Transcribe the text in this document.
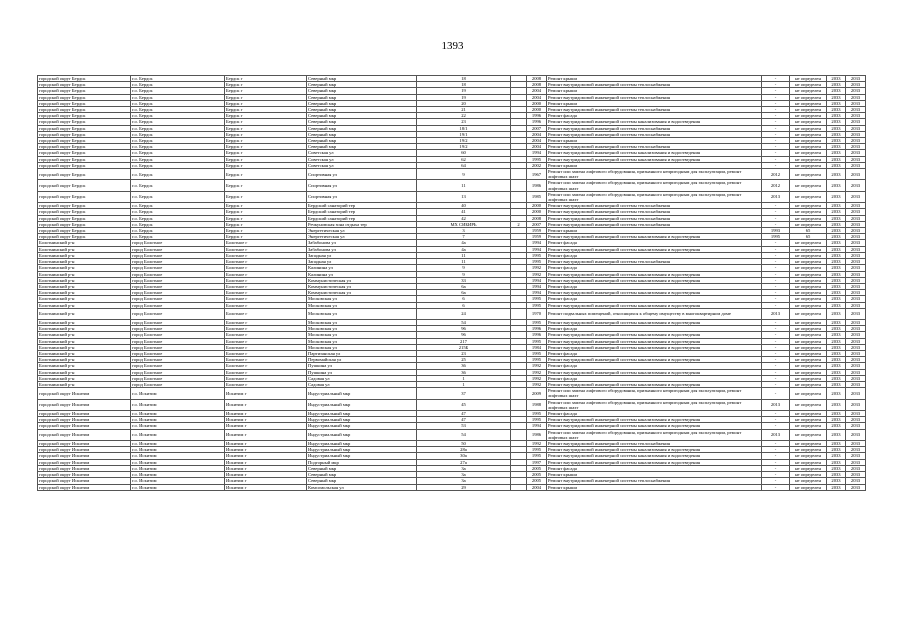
1393
городской округ Бердск	г.о. Бердск	Бердск г	Северный мкр	18		2008	Ремонт крыши	-	не определен	2033	2033
городской округ Бердск	г.о. Бердск	Бердск г	Северный мкр	18		2008	Ремонт внутридомовой инженерной системы теплоснабжения	-	не определен	2033	2033
городской округ Бердск	г.о. Бердск	Бердск г	Северный мкр	19		2004	Ремонт крыши	-	не определен	2033	2033
городской округ Бердск	г.о. Бердск	Бердск г	Северный мкр	19		2004	Ремонт внутридомовой инженерной системы теплоснабжения	-	не определен	2033	2033
городской округ Бердск	г.о. Бердск	Бердск г	Северный мкр	20		2000	Ремонт крыши	-	не определен	2033	2033
городской округ Бердск	г.о. Бердск	Бердск г	Северный мкр	21		2000	Ремонт внутридомовой инженерной системы теплоснабжения	-	не определен	2033	2033
городской округ Бердск	г.о. Бердск	Бердск г	Северный мкр	22		1996	Ремонт фасада	-	не определен	2033	2033
городской округ Бердск	г.о. Бердск	Бердск г	Северный мкр	23		1996	Ремонт внутридомовой инженерной системы канализования и водоотведения	-	не определен	2033	2033
городской округ Бердск	г.о. Бердск	Бердск г	Северный мкр	18/1		2007	Ремонт внутридомовой инженерной системы теплоснабжения	-	не определен	2033	2033
городской округ Бердск	г.о. Бердск	Бердск г	Северный мкр	19/1		2004	Ремонт внутридомовой инженерной системы теплоснабжения	-	не определен	2033	2033
городской округ Бердск	г.о. Бердск	Бердск г	Северный мкр	19/2		2004	Ремонт крыши	-	не определен	2033	2033
городской округ Бердск	г.о. Бердск	Бердск г	Северный мкр	19/2		2004	Ремонт внутридомовой инженерной системы теплоснабжения	-	не определен	2033	2033
городской округ Бердск	г.о. Бердск	Бердск г	Советская ул	60		1994	Ремонт внутридомовой инженерной системы канализования и водоотведения	-	не определен	2033	2033
городской округ Бердск	г.о. Бердск	Бердск г	Советская ул	62		1995	Ремонт внутридомовой инженерной системы канализования и водоотведения	-	не определен	2033	2033
городской округ Бердск	г.о. Бердск	Бердск г	Советская ул	64		2002	Ремонт крыши	-	не определен	2033	2033
городской округ Бердск	г.о. Бердск	Бердск г	Спортивная ул	9		1967	Ремонт или замена лифтового оборудования, признанного непригодным для эксплуатации, ремонт лифтовых шахт	2012	не определен	2033	2033
городской округ Бердск	г.о. Бердск	Бердск г	Спортивная ул	11		1986	Ремонт или замена лифтового оборудования, признанного непригодным для эксплуатации, ремонт лифтовых шахт	2012	не определен	2033	2033
городской округ Бердск	г.о. Бердск	Бердск г	Спортивная ул	13		1985	Ремонт или замена лифтового оборудования, признанного непригодным для эксплуатации, ремонт лифтовых шахт	2013	не определен	2033	2033
городской округ Бердск	г.о. Бердск	Бердск г	Бердский санаторий тер	40		2000	Ремонт внутридомовой инженерной системы теплоснабжения	-	не определен	2033	2033
городской округ Бердск	г.о. Бердск	Бердск г	Бердский санаторий тер	41		2000	Ремонт внутридомовой инженерной системы теплоснабжения	-	не определен	2033	2033
городской округ Бердск	г.о. Бердск	Бердск г	Бердский санаторий тер	42		2008	Ремонт внутридомовой инженерной системы теплоснабжения	-	не определен	2033	2033
городской округ Бердск	г.о. Бердск	Бердск г	Речкуновская зона отдыха тер	МХ СИБИРЬ	2	2007	Ремонт внутридомовой инженерной системы теплоснабжения	-	не определен	2033	2033
городской округ Бердск	г.о. Бердск	Бердск г	Энергетическая ул	3		1959	Ремонт крыши	1993	65	2033	2033
городской округ Бердск	г.о. Бердск	Бердск г	Энергетическая ул	7		1959	Ремонт внутридомовой инженерной системы канализования и водоотведения	1995	65	2033	2033
Болотнинский р-н	город Болотное	Болотное г	Забабонова ул	4а		1994	Ремонт фасада	-	не определен	2033	2033
Болотнинский р-н	город Болотное	Болотное г	Забабонова ул	4а		1994	Ремонт внутридомовой инженерной системы канализования и водоотведения	-	не определен	2033	2033
Болотнинский р-н	город Болотное	Болотное г	Западная ул	11		1995	Ремонт фасада	-	не определен	2033	2033
Болотнинский р-н	город Болотное	Болотное г	Западная ул	11		1995	Ремонт внутридомовой инженерной системы теплоснабжения	-	не определен	2033	2033
Болотнинский р-н	город Болотное	Болотное г	Калинина ул	9		1992	Ремонт фасада	-	не определен	2033	2033
Болотнинский р-н	город Болотное	Болотное г	Калинина ул	9		1992	Ремонт внутридомовой инженерной системы канализования и водоотведения	-	не определен	2033	2033
Болотнинский р-н	город Болотное	Болотное г	Коммунистическая ул	33		1994	Ремонт внутридомовой инженерной системы канализования и водоотведения	-	не определен	2033	2033
Болотнинский р-н	город Болотное	Болотное г	Коммунистическая ул	6а		1994	Ремонт фасада	-	не определен	2033	2033
Болотнинский р-н	город Болотное	Болотное г	Коммунистическая ул	6а		1994	Ремонт внутридомовой инженерной системы канализования и водоотведения	-	не определен	2033	2033
Болотнинский р-н	город Болотное	Болотное г	Московская ул	6		1995	Ремонт фасада	-	не определен	2033	2033
Болотнинский р-н	город Болотное	Болотное г	Московская ул	6		1995	Ремонт внутридомовой инженерной системы канализования и водоотведения	-	не определен	2033	2033
Болотнинский р-н	город Болотное	Болотное г	Московская ул	24		1970	Ремонт подвальных помещений, относящихся к общему имуществу в многоквартирном доме	2013	не определен	2033	2033
Болотнинский р-н	город Болотное	Болотное г	Московская ул	54		1995	Ремонт внутридомовой инженерной системы канализования и водоотведения	-	не определен	2033	2033
Болотнинский р-н	город Болотное	Болотное г	Московская ул	96		1996	Ремонт фасада	-	не определен	2033	2033
Болотнинский р-н	город Болотное	Болотное г	Московская ул	96		1996	Ремонт внутридомовой инженерной системы канализования и водоотведения	-	не определен	2033	2033
Болотнинский р-н	город Болотное	Болотное г	Московская ул	217		1995	Ремонт внутридомовой инженерной системы канализования и водоотведения	-	не определен	2033	2033
Болотнинский р-н	город Болотное	Болотное г	Московская ул	215Б		1984	Ремонт внутридомовой инженерной системы канализования и водоотведения	-	не определен	2033	2033
Болотнинский р-н	город Болотное	Болотное г	Партизанская ул	23		1995	Ремонт фасада	-	не определен	2033	2033
Болотнинский р-н	город Болотное	Болотное г	Первомайская ул	25		1995	Ремонт внутридомовой инженерной системы канализования и водоотведения	-	не определен	2033	2033
Болотнинский р-н	город Болотное	Болотное г	Пушкина ул	36		1992	Ремонт фасада	-	не определен	2033	2033
Болотнинский р-н	город Болотное	Болотное г	Пушкина ул	36		1992	Ремонт внутридомовой инженерной системы канализования и водоотведения	-	не определен	2033	2033
Болотнинский р-н	город Болотное	Болотное г	Садовая ул	1		1992	Ремонт фасада	-	не определен	2033	2033
Болотнинский р-н	город Болотное	Болотное г	Садовая ул	1		1992	Ремонт внутридомовой инженерной системы канализования и водоотведения	-	не определен	2033	2033
городской округ Искитим	г.о. Искитим	Искитим г	Индустриальный мкр	37		2009	Ремонт или замена лифтового оборудования, признанного непригодным для эксплуатации, ремонт лифтовых шахт	-	не определен	2033	2033
городской округ Искитим	г.о. Искитим	Искитим г	Индустриальный мкр	45		1988	Ремонт или замена лифтового оборудования, признанного непригодным для эксплуатации, ремонт лифтовых шахт	2013	не определен	2033	2033
городской округ Искитим	г.о. Искитим	Искитим г	Индустриальный мкр	47		1995	Ремонт фасада	-	не определен	2033	2033
городской округ Искитим	г.о. Искитим	Искитим г	Индустриальный мкр	47		1995	Ремонт внутридомовой инженерной системы канализования и водоотведения	-	не определен	2033	2033
городской округ Искитим	г.о. Искитим	Искитим г	Индустриальный мкр	53		1994	Ремонт внутридомовой инженерной системы канализования и водоотведения	-	не определен	2033	2033
городской округ Искитим	г.о. Искитим	Искитим г	Индустриальный мкр	54		1986	Ремонт или замена лифтового оборудования, признанного непригодным для эксплуатации, ремонт лифтовых шахт	2013	не определен	2033	2033
городской округ Искитим	г.о. Искитим	Искитим г	Индустриальный мкр	50		1992	Ремонт внутридомовой инженерной системы теплоснабжения	-	не определен	2033	2033
городской округ Искитим	г.о. Искитим	Искитим г	Индустриальный мкр	28а		1995	Ремонт внутридомовой инженерной системы канализования и водоотведения	-	не определен	2033	2033
городской округ Искитим	г.о. Искитим	Искитим г	Индустриальный мкр	30а		1995	Ремонт внутридомовой инженерной системы канализования и водоотведения	-	не определен	2033	2033
городской округ Искитим	г.о. Искитим	Искитим г	Подгорный мкр	27а		1997	Ремонт внутридомовой инженерной системы канализования и водоотведения	-	не определен	2033	2033
городской округ Искитим	г.о. Искитим	Искитим г	Северный мкр	3а		2005	Ремонт фасада	-	не определен	2033	2033
городской округ Искитим	г.о. Искитим	Искитим г	Северный мкр	3а		2005	Ремонт крыши	-	не определен	2033	2033
городской округ Искитим	г.о. Искитим	Искитим г	Северный мкр	3а		2005	Ремонт внутридомовой инженерной системы теплоснабжения	-	не определен	2033	2033
городской округ Искитим	г.о. Искитим	Искитим г	Комсомольская ул	29		2004	Ремонт крыши	-	не определен	2033	2033
